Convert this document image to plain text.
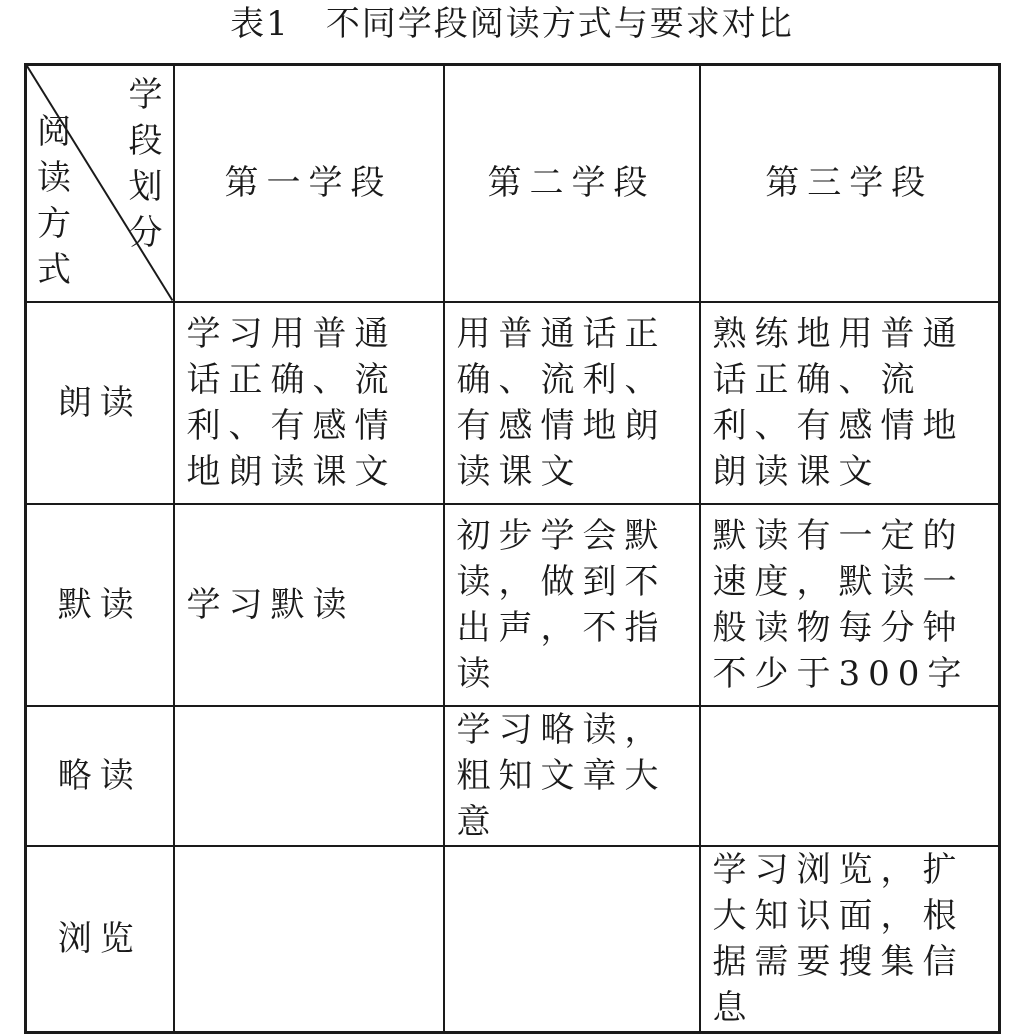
表1 不同学段阅读方式与要求对比
学段划分
阅读方式	第一学段	第二学段	第三学段
朗读	学习用普通话正确、流利、有感情地朗读课文	用普通话正确、流利、有感情地朗读课文	熟练地用普通话正确、流利、有感情地朗读课文
默读	学习默读	初步学会默读，做到不出声，不指读	默读有一定的速度，默读一般读物每分钟不少于300字
略读		学习略读，粗知文章大意	
浏览			学习浏览，扩大知识面，根据需要搜集信息
